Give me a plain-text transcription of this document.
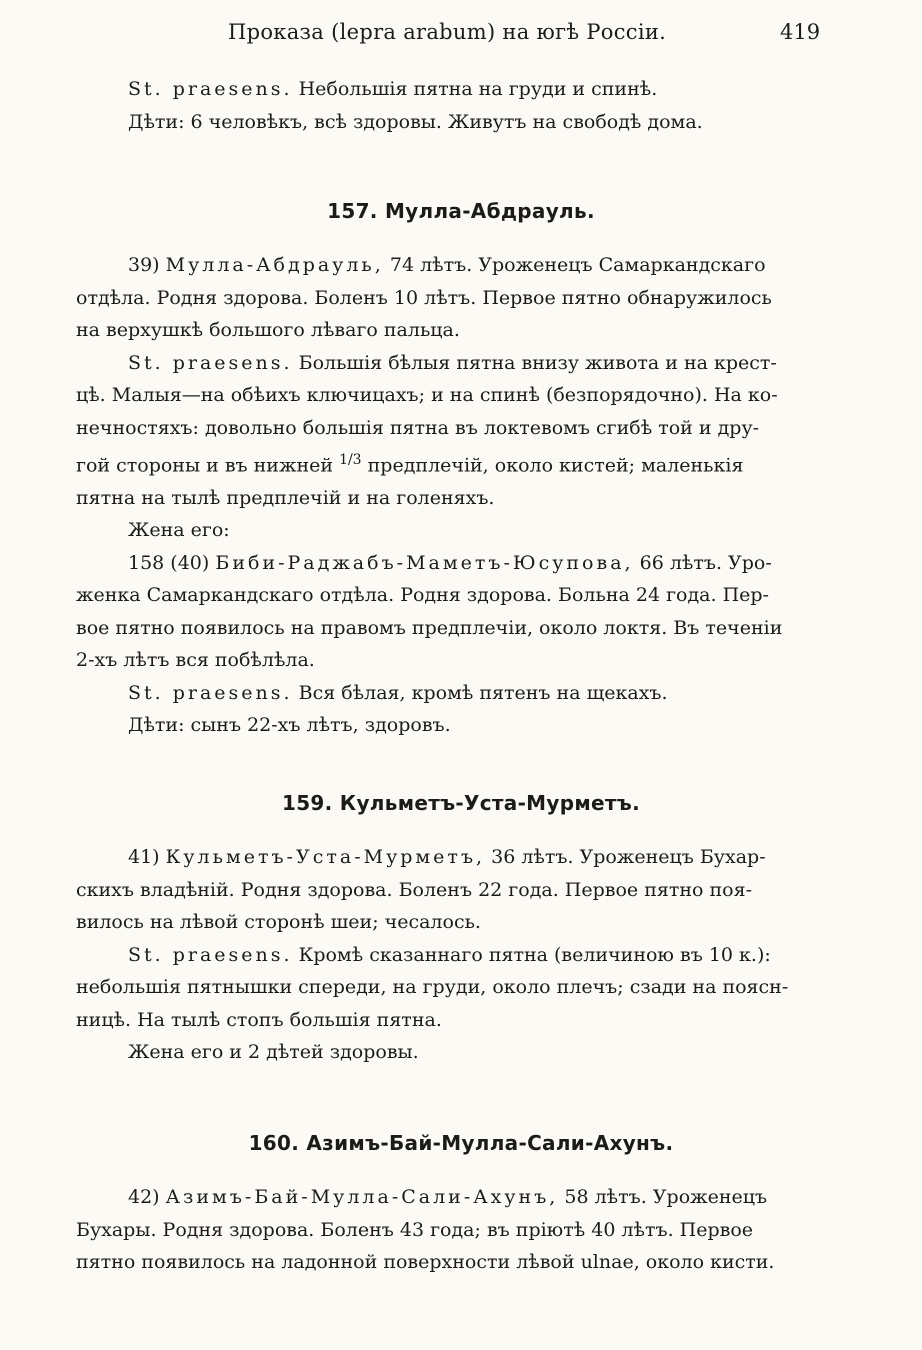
Проказа (lepra arabum) на югѣ Россіи.	419
St. praesens. Небольшія пятна на груди и спинѣ.
Дѣти: 6 человѣкъ, всѣ здоровы. Живутъ на свободѣ дома.
157. Мулла-Абдрауль.
39) Мулла-Абдрауль, 74 лѣтъ. Уроженецъ Самаркандскаго
отдѣла. Родня здорова. Боленъ 10 лѣтъ. Первое пятно обнаружилось
на верхушкѣ большого лѣваго пальца.
St. praesens. Большія бѣлыя пятна внизу живота и на крест-
цѣ. Малыя—на обѣихъ ключицахъ; и на спинѣ (безпорядочно). На ко-
нечностяхъ: довольно большія пятна въ локтевомъ сгибѣ той и дру-
гой стороны и въ нижней $^{1/3}$ предплечій, около кистей; маленькія
пятна на тылѣ предплечій и на голеняхъ.
Жена его:
158 (40) Биби-Раджабъ-Маметъ-Юсупова, 66 лѣтъ. Уро-
женка Самаркандскаго отдѣла. Родня здорова. Больна 24 года. Пер-
вое пятно появилось на правомъ предплечіи, около локтя. Въ теченіи
2-хъ лѣтъ вся побѣлѣла.
St. praesens. Вся бѣлая, кромѣ пятенъ на щекахъ.
Дѣти: сынъ 22-хъ лѣтъ, здоровъ.
159. Кульметъ-Уста-Мурметъ.
41) Кульметъ-Уста-Мурметъ, 36 лѣтъ. Уроженецъ Бухар-
скихъ владѣній. Родня здорова. Боленъ 22 года. Первое пятно поя-
вилось на лѣвой сторонѣ шеи; чесалось.
St. praesens. Кромѣ сказаннаго пятна (величиною въ 10 к.):
небольшія пятнышки спереди, на груди, около плечъ; сзади на поясн-
ницѣ. На тылѣ стопъ большія пятна.
Жена его и 2 дѣтей здоровы.
160. Азимъ-Бай-Мулла-Сали-Ахунъ.
42) Азимъ-Бай-Мулла-Сали-Ахунъ, 58 лѣтъ. Уроженецъ
Бухары. Родня здорова. Боленъ 43 года; въ пріютѣ 40 лѣтъ. Первое
пятно появилось на ладонной поверхности лѣвой ulnae, около кисти.
